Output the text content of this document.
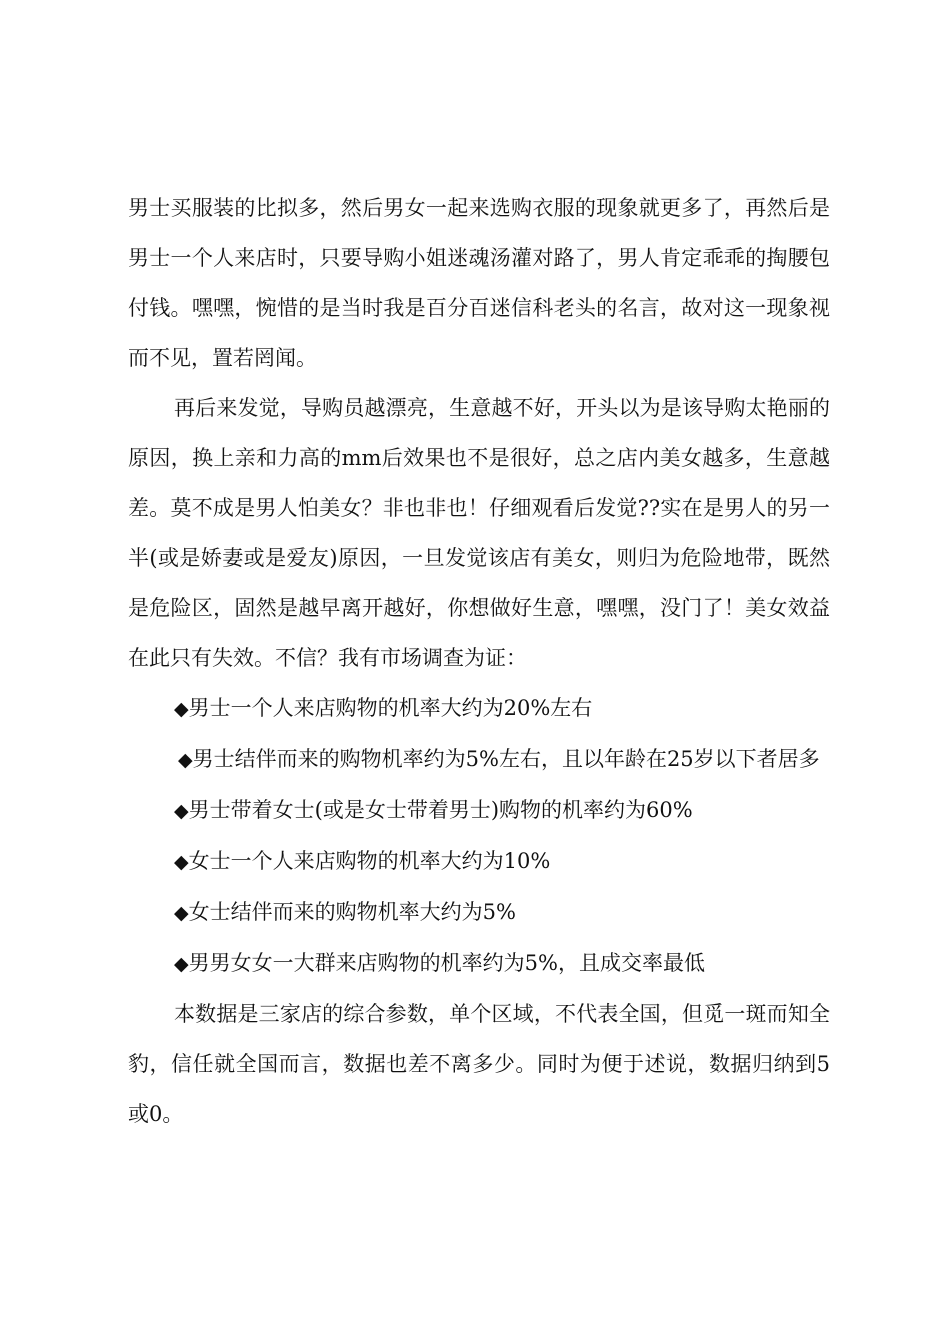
男士买服装的比拟多，然后男女一起来选购衣服的现象就更多了，再然后是男士一个人来店时，只要导购小姐迷魂汤灌对路了，男人肯定乖乖的掏腰包付钱。嘿嘿，惋惜的是当时我是百分百迷信科老头的名言，故对这一现象视而不见，置若罔闻。

再后来发觉，导购员越漂亮，生意越不好，开头以为是该导购太艳丽的原因，换上亲和力高的mm后效果也不是很好，总之店内美女越多，生意越差。莫不成是男人怕美女？非也非也！仔细观看后发觉??实在是男人的另一半(或是娇妻或是爱友)原因，一旦发觉该店有美女，则归为危险地带，既然是危险区，固然是越早离开越好，你想做好生意，嘿嘿，没门了！美女效益在此只有失效。不信？我有市场调查为证：

◆男士一个人来店购物的机率大约为20%左右

◆男士结伴而来的购物机率约为5%左右，且以年龄在25岁以下者居多

◆男士带着女士(或是女士带着男士)购物的机率约为60%

◆女士一个人来店购物的机率大约为10%

◆女士结伴而来的购物机率大约为5%

◆男男女女一大群来店购物的机率约为5%，且成交率最低

本数据是三家店的综合参数，单个区域，不代表全国，但觅一斑而知全豹，信任就全国而言，数据也差不离多少。同时为便于述说，数据归纳到5或0。
